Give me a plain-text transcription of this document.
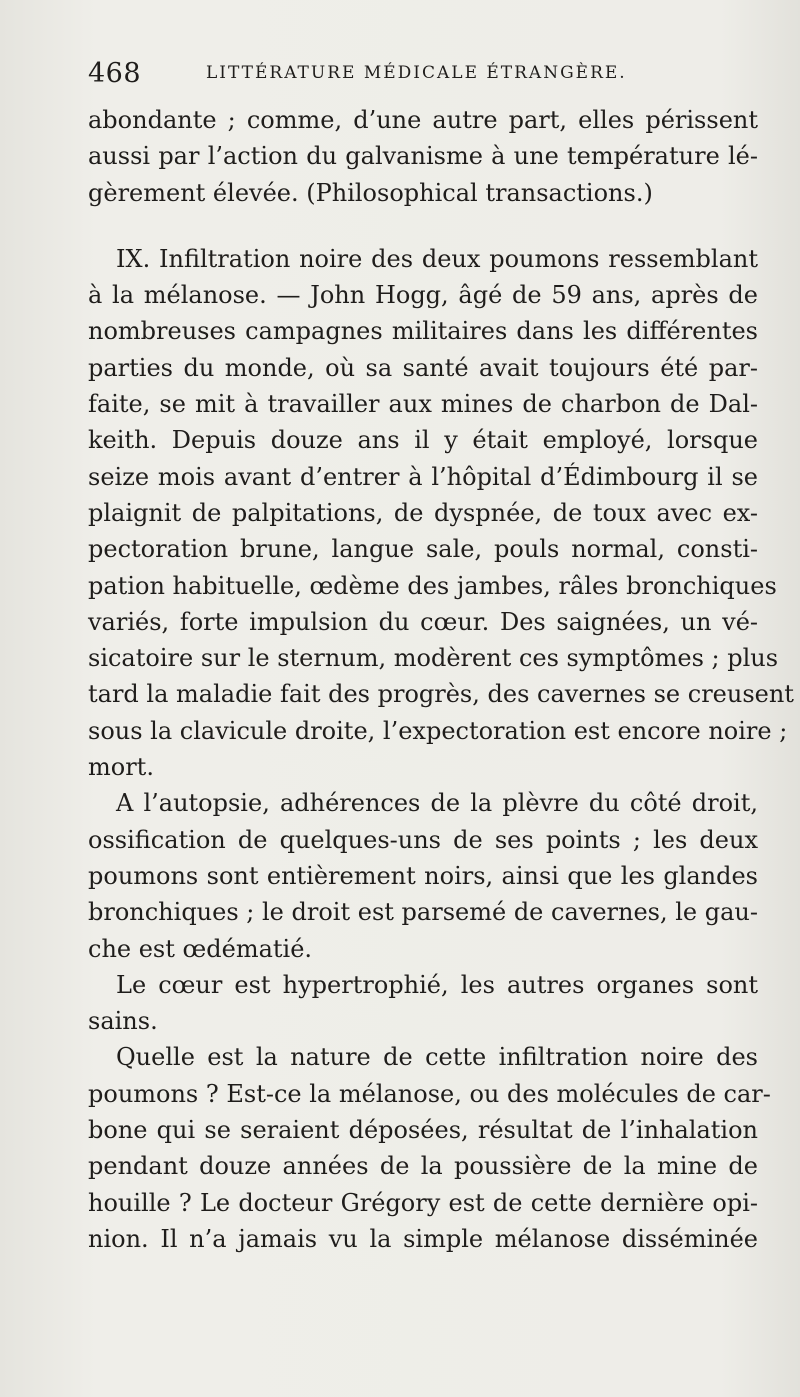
468	LITTÉRATURE MÉDICALE ÉTRANGÈRE.
abondante ; comme, d’une autre part, elles périssent
aussi par l’action du galvanisme à une température lé-
gèrement élevée. (Philosophical transactions.)
IX. Infiltration noire des deux poumons ressemblant
à la mélanose. — John Hogg, âgé de 59 ans, après de
nombreuses campagnes militaires dans les différentes
parties du monde, où sa santé avait toujours été par-
faite, se mit à travailler aux mines de charbon de Dal-
keith. Depuis douze ans il y était employé, lorsque
seize mois avant d’entrer à l’hôpital d’Édimbourg il se
plaignit de palpitations, de dyspnée, de toux avec ex-
pectoration brune, langue sale, pouls normal, consti-
pation habituelle, œdème des jambes, râles bronchiques
variés, forte impulsion du cœur. Des saignées, un vé-
sicatoire sur le sternum, modèrent ces symptômes ; plus
tard la maladie fait des progrès, des cavernes se creusent
sous la clavicule droite, l’expectoration est encore noire ;
mort.
A l’autopsie, adhérences de la plèvre du côté droit,
ossification de quelques-uns de ses points ; les deux
poumons sont entièrement noirs, ainsi que les glandes
bronchiques ; le droit est parsemé de cavernes, le gau-
che est œdématié.
Le cœur est hypertrophié, les autres organes sont
sains.
Quelle est la nature de cette infiltration noire des
poumons ? Est-ce la mélanose, ou des molécules de car-
bone qui se seraient déposées, résultat de l’inhalation
pendant douze années de la poussière de la mine de
houille ? Le docteur Grégory est de cette dernière opi-
nion. Il n’a jamais vu la simple mélanose disséminée
